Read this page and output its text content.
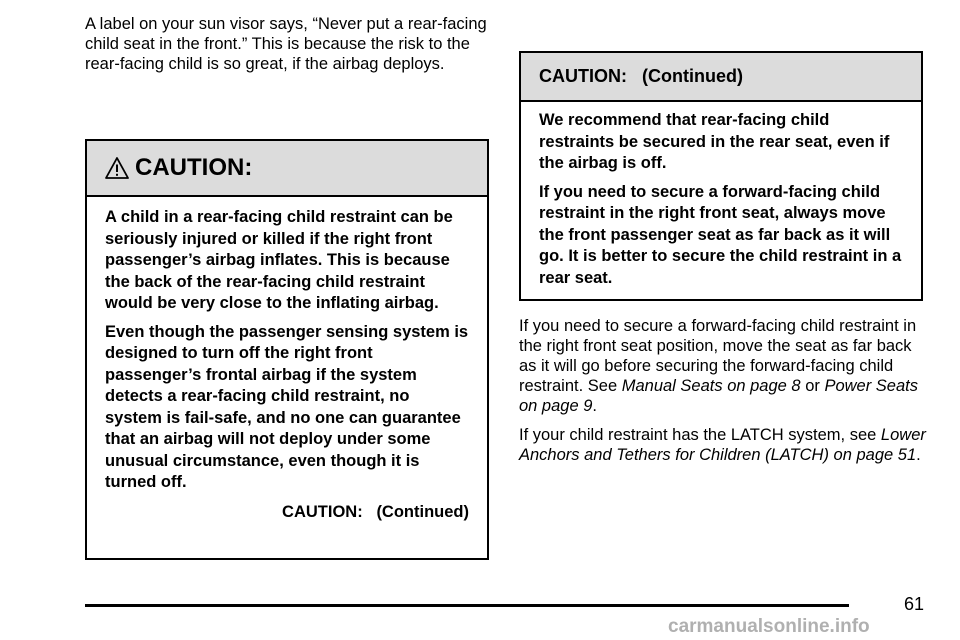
A label on your sun visor says, “Never put a rear-facing child seat in the front.” This is because the risk to the rear-facing child is so great, if the airbag deploys.

CAUTION:

A child in a rear-facing child restraint can be seriously injured or killed if the right front passenger’s airbag inflates. This is because the back of the rear-facing child restraint would be very close to the inflating airbag.

Even though the passenger sensing system is designed to turn off the right front passenger’s frontal airbag if the system detects a rear-facing child restraint, no system is fail-safe, and no one can guarantee that an airbag will not deploy under some unusual circumstance, even though it is turned off.

CAUTION:   (Continued)

CAUTION:   (Continued)

We recommend that rear-facing child restraints be secured in the rear seat, even if the airbag is off.

If you need to secure a forward-facing child restraint in the right front seat, always move the front passenger seat as far back as it will go. It is better to secure the child restraint in a rear seat.

If you need to secure a forward-facing child restraint in the right front seat position, move the seat as far back as it will go before securing the forward-facing child restraint. See Manual Seats on page 8 or Power Seats on page 9.

If your child restraint has the LATCH system, see Lower Anchors and Tethers for Children (LATCH) on page 51.

61
carmanualsonline.info
